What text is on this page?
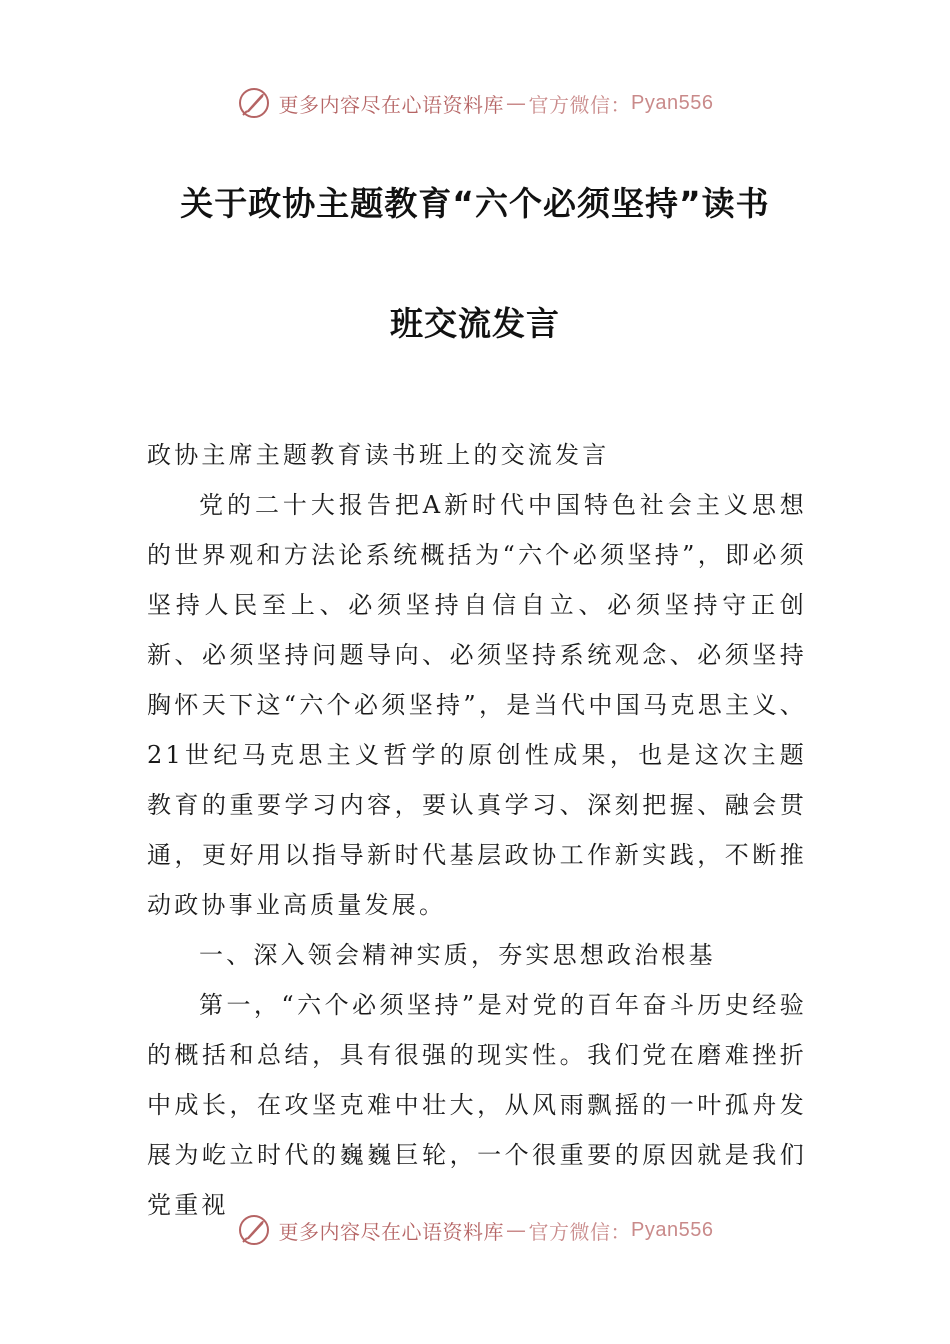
更多内容尽在心语资料库 — 官方微信： Pyan556
关于政协主题教育“六个必须坚持”读书
班交流发言

政协主席主题教育读书班上的交流发言

党的二十大报告把A新时代中国特色社会主义思想的世界观和方法论系统概括为“六个必须坚持”，即必须坚持人民至上、必须坚持自信自立、必须坚持守正创新、必须坚持问题导向、必须坚持系统观念、必须坚持胸怀天下这“六个必须坚持”，是当代中国马克思主义、21世纪马克思主义哲学的原创性成果，也是这次主题教育的重要学习内容，要认真学习、深刻把握、融会贯通，更好用以指导新时代基层政协工作新实践，不断推动政协事业高质量发展。

一、深入领会精神实质，夯实思想政治根基

第一，“六个必须坚持”是对党的百年奋斗历史经验的概括和总结，具有很强的现实性。我们党在磨难挫折中成长，在攻坚克难中壮大，从风雨飘摇的一叶孤舟发展为屹立时代的巍巍巨轮，一个很重要的原因就是我们党重视

更多内容尽在心语资料库 — 官方微信： Pyan556
